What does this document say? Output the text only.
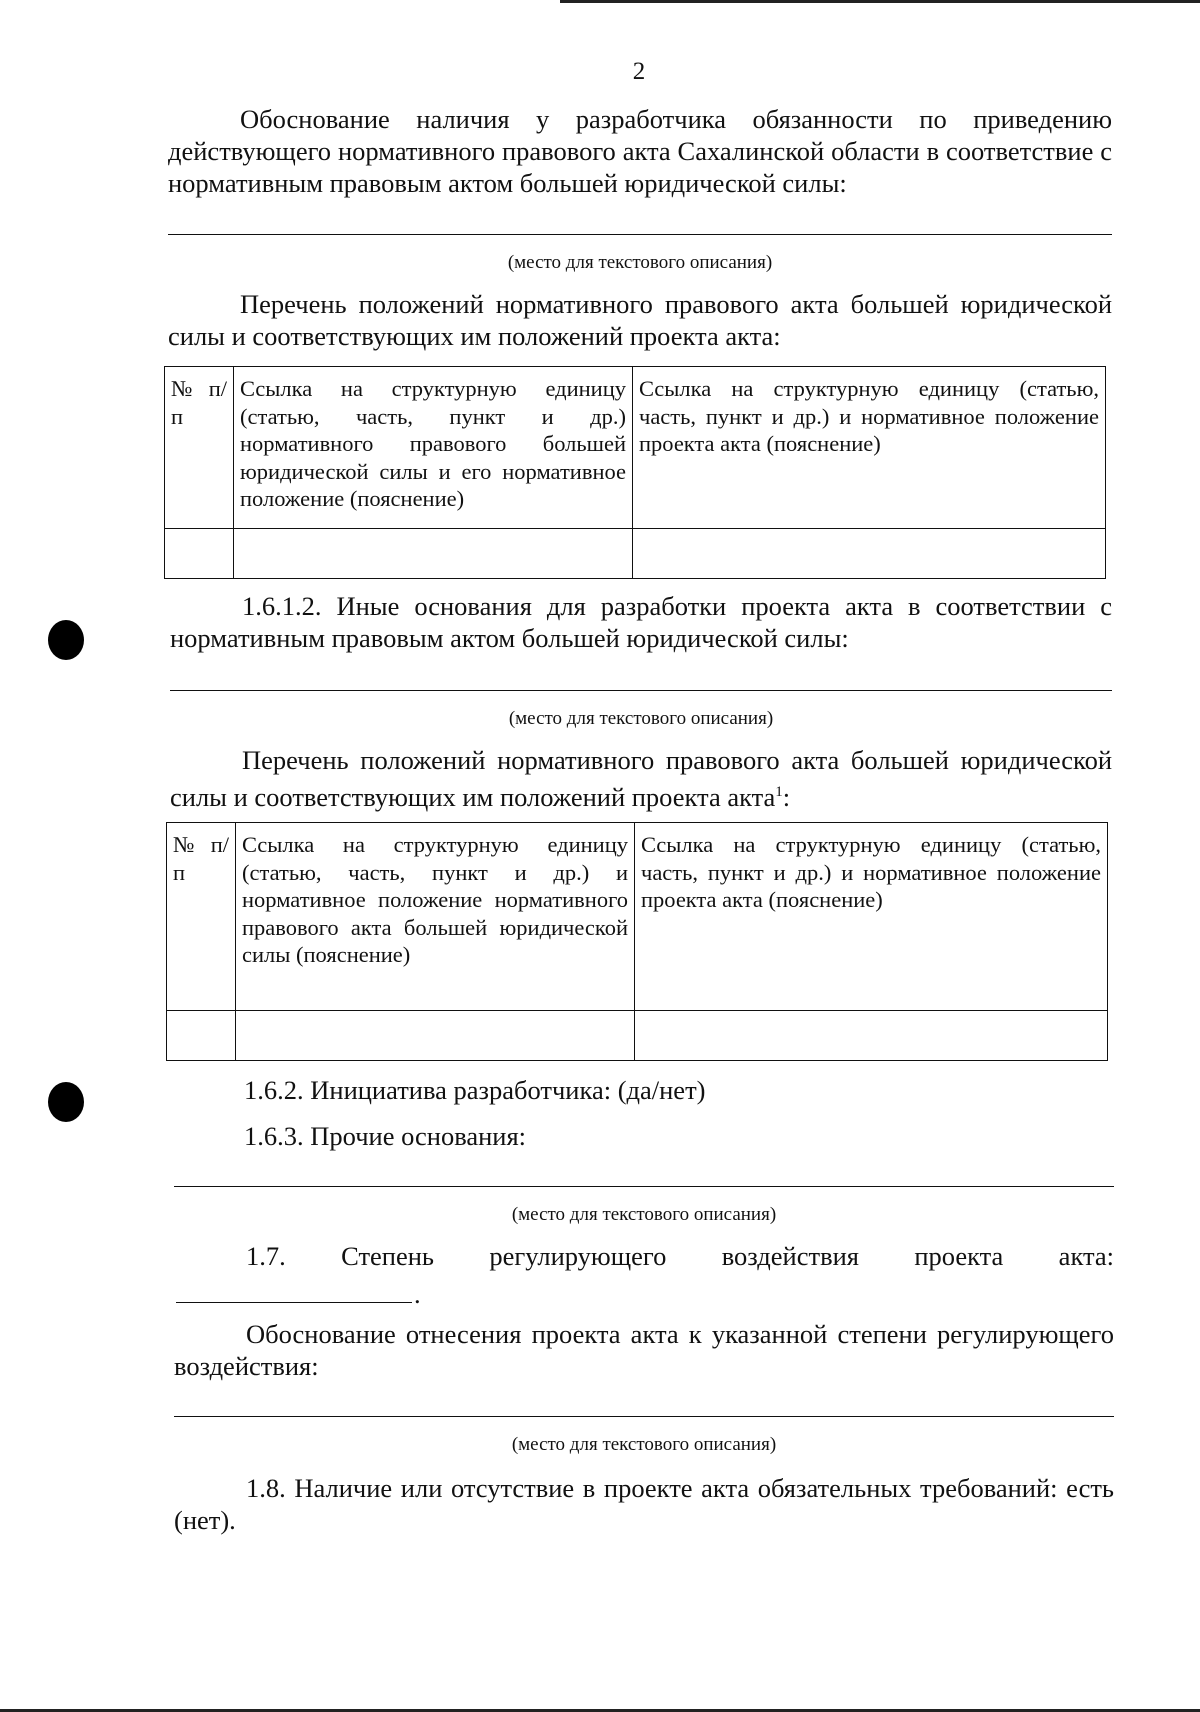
2

Обоснование наличия у разработчика обязанности по приведению действующего нормативного правового акта Сахалинской области в соответствие с нормативным правовым актом большей юридической силы:

(место для текстового описания)

Перечень положений нормативного правового акта большей юридической силы и соответствующих им положений проекта акта:

№ п/п	Ссылка на структурную единицу (статью, часть, пункт и др.) нормативного правового большей юридической силы и его нормативное положение (пояснение)	Ссылка на структурную единицу (статью, часть, пункт и др.) и нормативное положение проекта акта (пояснение)

1.6.1.2. Иные основания для разработки проекта акта в соответствии с нормативным правовым актом большей юридической силы:

(место для текстового описания)

Перечень положений нормативного правового акта большей юридической силы и соответствующих им положений проекта акта$^1$:

№ п/п	Ссылка на структурную единицу (статью, часть, пункт и др.) и нормативное положение нормативного правового акта большей юридической силы (пояснение)	Ссылка на структурную единицу (статью, часть, пункт и др.) и нормативное положение проекта акта (пояснение)

1.6.2. Инициатива разработчика: (да/нет)

1.6.3. Прочие основания:

(место для текстового описания)

1.7. Степень регулирующего воздействия проекта акта:

.

Обоснование отнесения проекта акта к указанной степени регулирующего воздействия:

(место для текстового описания)

1.8. Наличие или отсутствие в проекте акта обязательных требований: есть (нет).
